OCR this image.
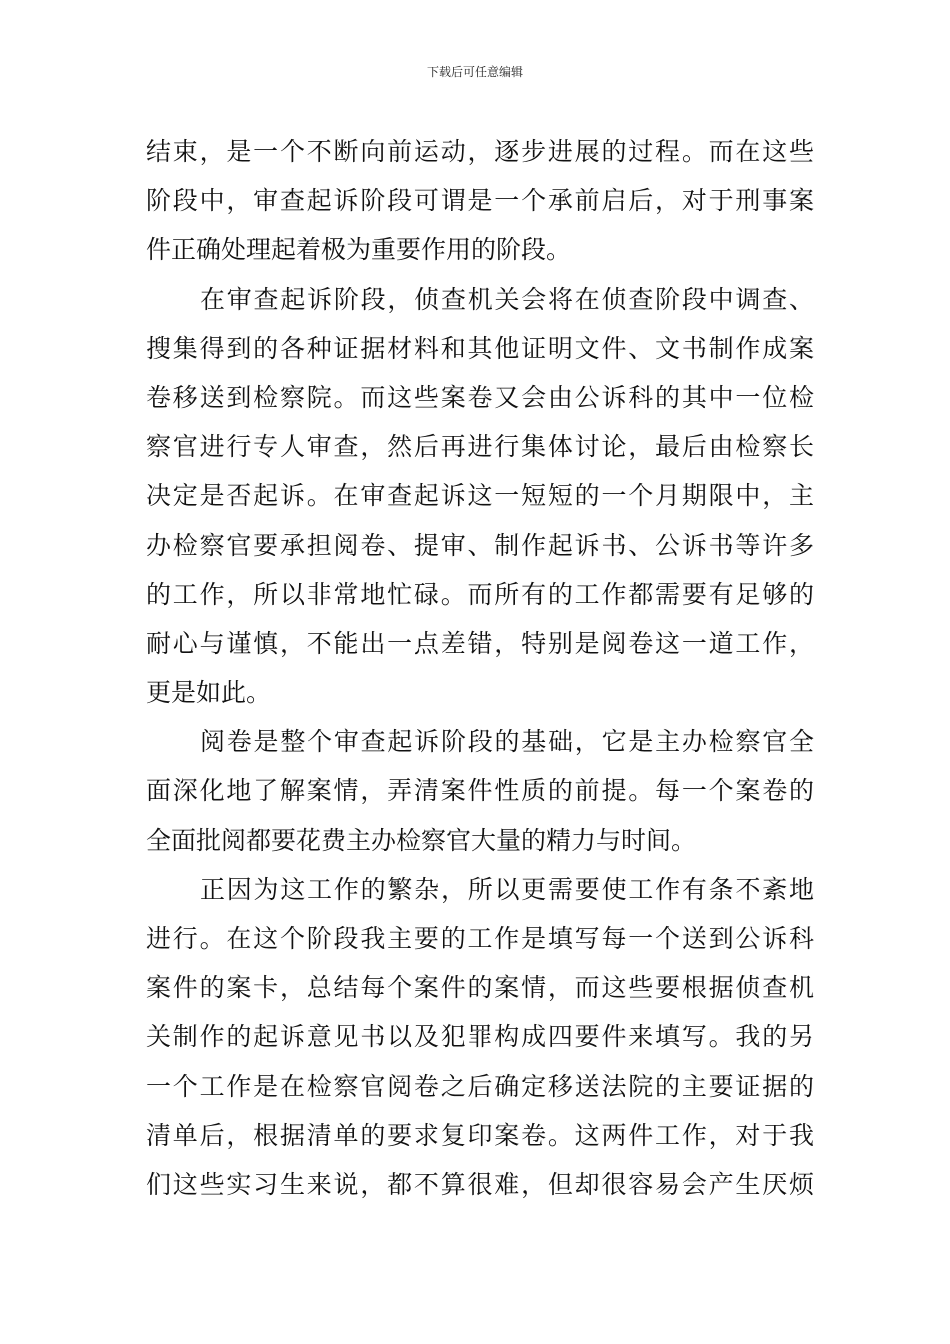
下载后可任意编辑
结束，是一个不断向前运动，逐步进展的过程。而在这些
阶段中，审查起诉阶段可谓是一个承前启后，对于刑事案
件正确处理起着极为重要作用的阶段。
在审查起诉阶段，侦查机关会将在侦查阶段中调查、
搜集得到的各种证据材料和其他证明文件、文书制作成案
卷移送到检察院。而这些案卷又会由公诉科的其中一位检
察官进行专人审查，然后再进行集体讨论，最后由检察长
决定是否起诉。在审查起诉这一短短的一个月期限中，主
办检察官要承担阅卷、提审、制作起诉书、公诉书等许多
的工作，所以非常地忙碌。而所有的工作都需要有足够的
耐心与谨慎，不能出一点差错，特别是阅卷这一道工作，
更是如此。
阅卷是整个审查起诉阶段的基础，它是主办检察官全
面深化地了解案情，弄清案件性质的前提。每一个案卷的
全面批阅都要花费主办检察官大量的精力与时间。
正因为这工作的繁杂，所以更需要使工作有条不紊地
进行。在这个阶段我主要的工作是填写每一个送到公诉科
案件的案卡，总结每个案件的案情，而这些要根据侦查机
关制作的起诉意见书以及犯罪构成四要件来填写。我的另
一个工作是在检察官阅卷之后确定移送法院的主要证据的
清单后，根据清单的要求复印案卷。这两件工作，对于我
们这些实习生来说，都不算很难，但却很容易会产生厌烦
